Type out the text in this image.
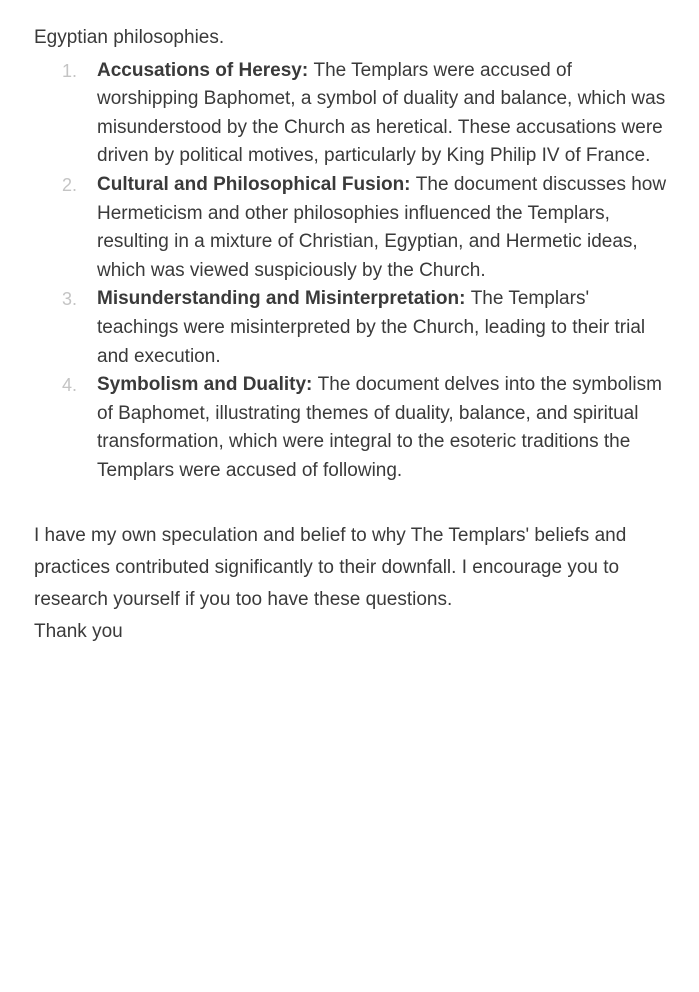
Egyptian philosophies.

1. Accusations of Heresy: The Templars were accused of worshipping Baphomet, a symbol of duality and balance, which was misunderstood by the Church as heretical. These accusations were driven by political motives, particularly by King Philip IV of France.
2. Cultural and Philosophical Fusion: The document discusses how Hermeticism and other philosophies influenced the Templars, resulting in a mixture of Christian, Egyptian, and Hermetic ideas, which was viewed suspiciously by the Church.
3. Misunderstanding and Misinterpretation: The Templars' teachings were misinterpreted by the Church, leading to their trial and execution.
4. Symbolism and Duality: The document delves into the symbolism of Baphomet, illustrating themes of duality, balance, and spiritual transformation, which were integral to the esoteric traditions the Templars were accused of following.

I have my own speculation and belief to why The Templars' beliefs and practices contributed significantly to their downfall. I encourage you to research yourself if you too have these questions.

Thank you
